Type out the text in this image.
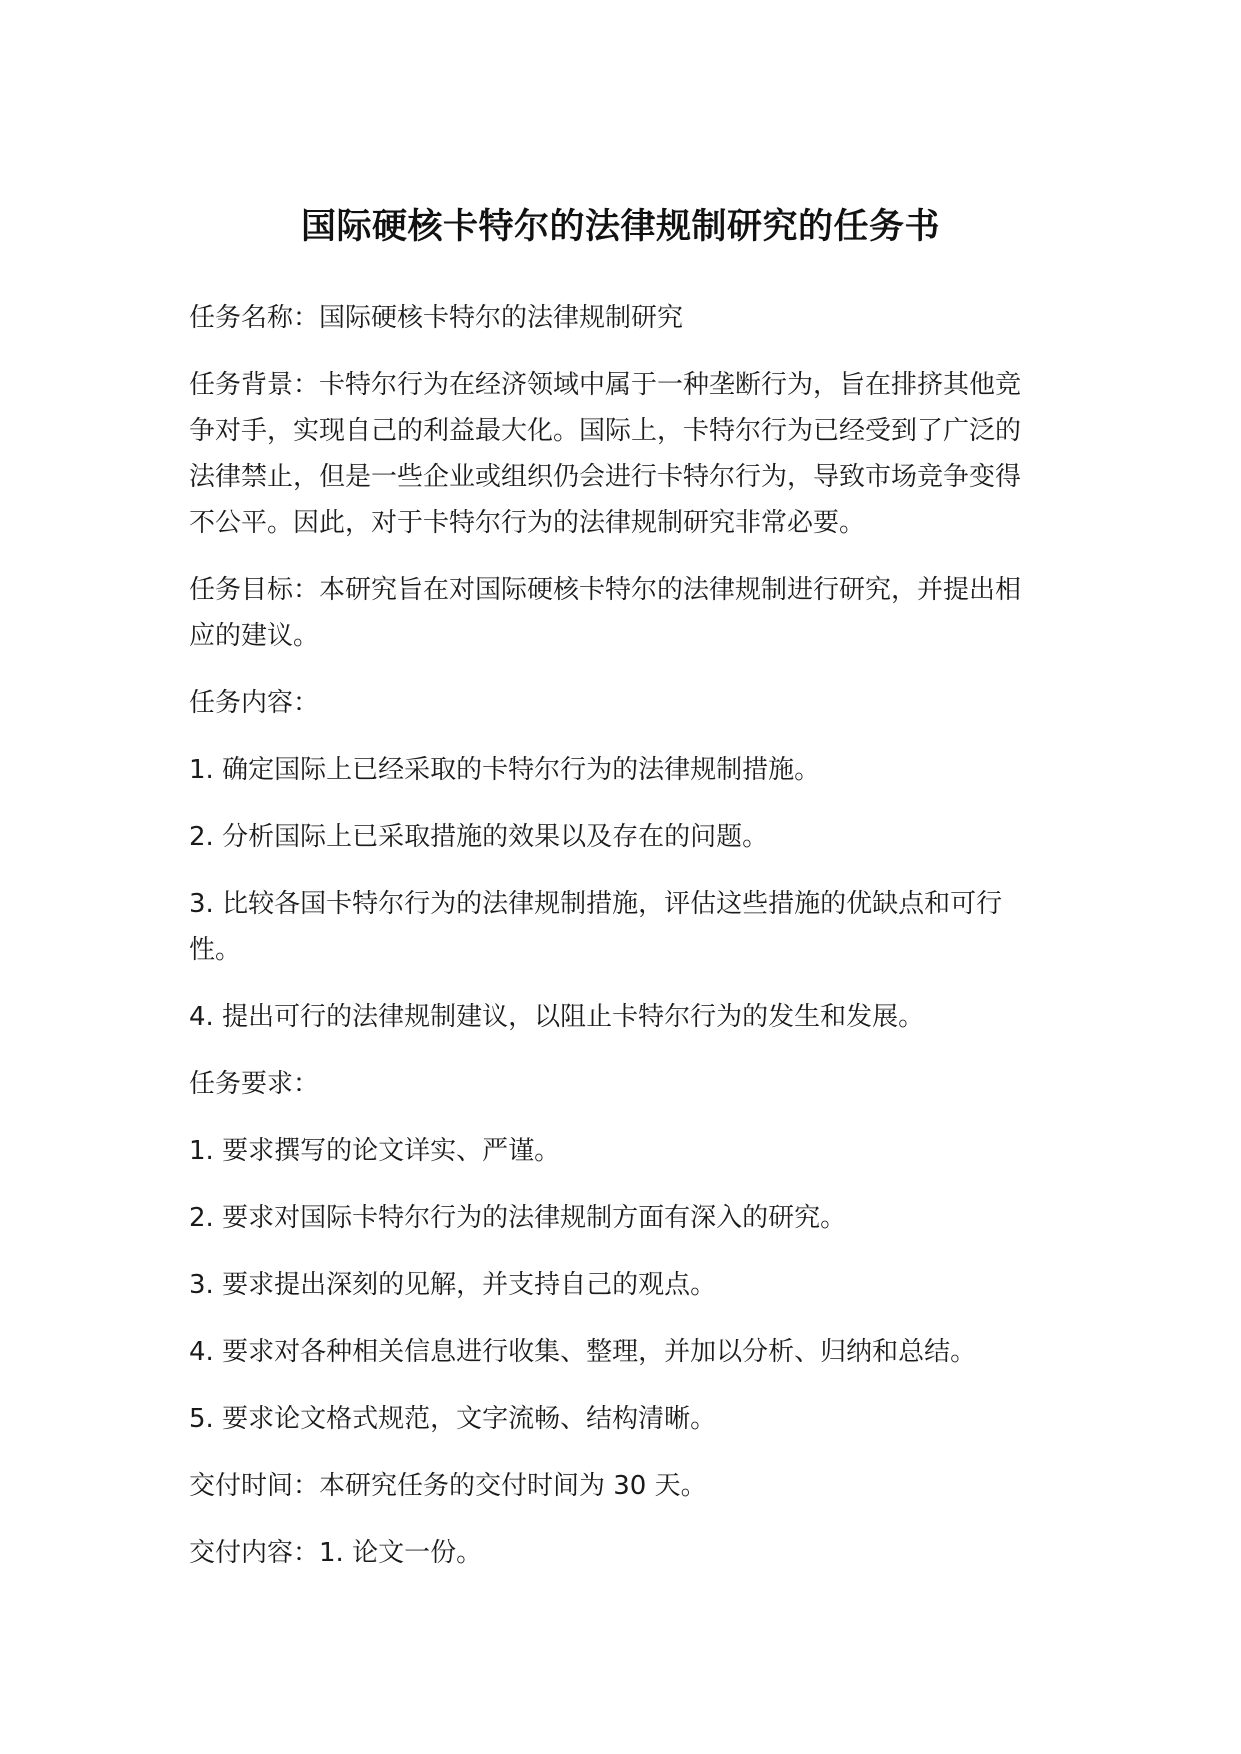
国际硬核卡特尔的法律规制研究的任务书

任务名称：国际硬核卡特尔的法律规制研究

任务背景：卡特尔行为在经济领域中属于一种垄断行为，旨在排挤其他竞争对手，实现自己的利益最大化。国际上，卡特尔行为已经受到了广泛的法律禁止，但是一些企业或组织仍会进行卡特尔行为，导致市场竞争变得不公平。因此，对于卡特尔行为的法律规制研究非常必要。

任务目标：本研究旨在对国际硬核卡特尔的法律规制进行研究，并提出相应的建议。

任务内容：

1. 确定国际上已经采取的卡特尔行为的法律规制措施。

2. 分析国际上已采取措施的效果以及存在的问题。

3. 比较各国卡特尔行为的法律规制措施，评估这些措施的优缺点和可行性。

4. 提出可行的法律规制建议，以阻止卡特尔行为的发生和发展。

任务要求：

1. 要求撰写的论文详实、严谨。

2. 要求对国际卡特尔行为的法律规制方面有深入的研究。

3. 要求提出深刻的见解，并支持自己的观点。

4. 要求对各种相关信息进行收集、整理，并加以分析、归纳和总结。

5. 要求论文格式规范，文字流畅、结构清晰。

交付时间：本研究任务的交付时间为 30 天。

交付内容：1. 论文一份。
